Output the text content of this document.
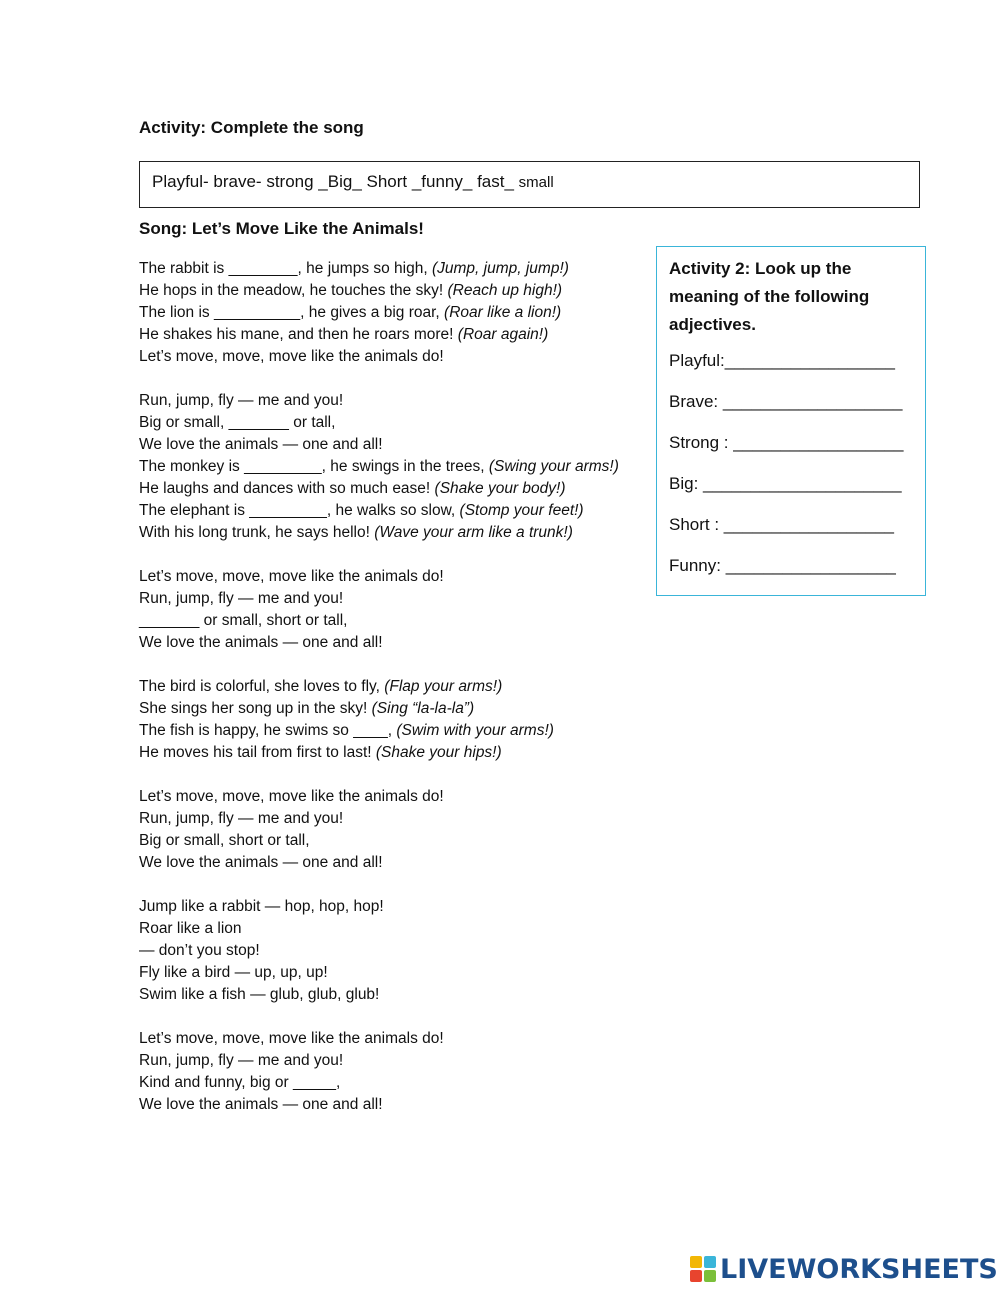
Activity: Complete the song
Playful- brave- strong _Big_ Short _funny_ fast_ small
Song: Let’s Move Like the Animals!
The rabbit is ________, he jumps so high, (Jump, jump, jump!)
He hops in the meadow, he touches the sky! (Reach up high!)
The lion is __________, he gives a big roar, (Roar like a lion!)
He shakes his mane, and then he roars more! (Roar again!)
Let’s move, move, move like the animals do!
Run, jump, fly — me and you!
Big or small, _______ or tall,
We love the animals — one and all!
The monkey is _________, he swings in the trees, (Swing your arms!)
He laughs and dances with so much ease! (Shake your body!)
The elephant is _________, he walks so slow, (Stomp your feet!)
With his long trunk, he says hello! (Wave your arm like a trunk!)
Let’s move, move, move like the animals do!
Run, jump, fly — me and you!
_______ or small, short or tall,
We love the animals — one and all!
The bird is colorful, she loves to fly, (Flap your arms!)
She sings her song up in the sky! (Sing “la-la-la”)
The fish is happy, he swims so ____, (Swim with your arms!)
He moves his tail from first to last! (Shake your hips!)
Let’s move, move, move like the animals do!
Run, jump, fly — me and you!
Big or small, short or tall,
We love the animals — one and all!
Jump like a rabbit — hop, hop, hop!
Roar like a lion
— don’t you stop!
Fly like a bird — up, up, up!
Swim like a fish — glub, glub, glub!
Let’s move, move, move like the animals do!
Run, jump, fly — me and you!
Kind and funny, big or _____,
We love the animals — one and all!
Activity 2: Look up the meaning of the following adjectives.
Playful:__________________
Brave: ___________________
Strong : __________________
Big: _____________________
Short : __________________
Funny: __________________
LIVEWORKSHEETS
